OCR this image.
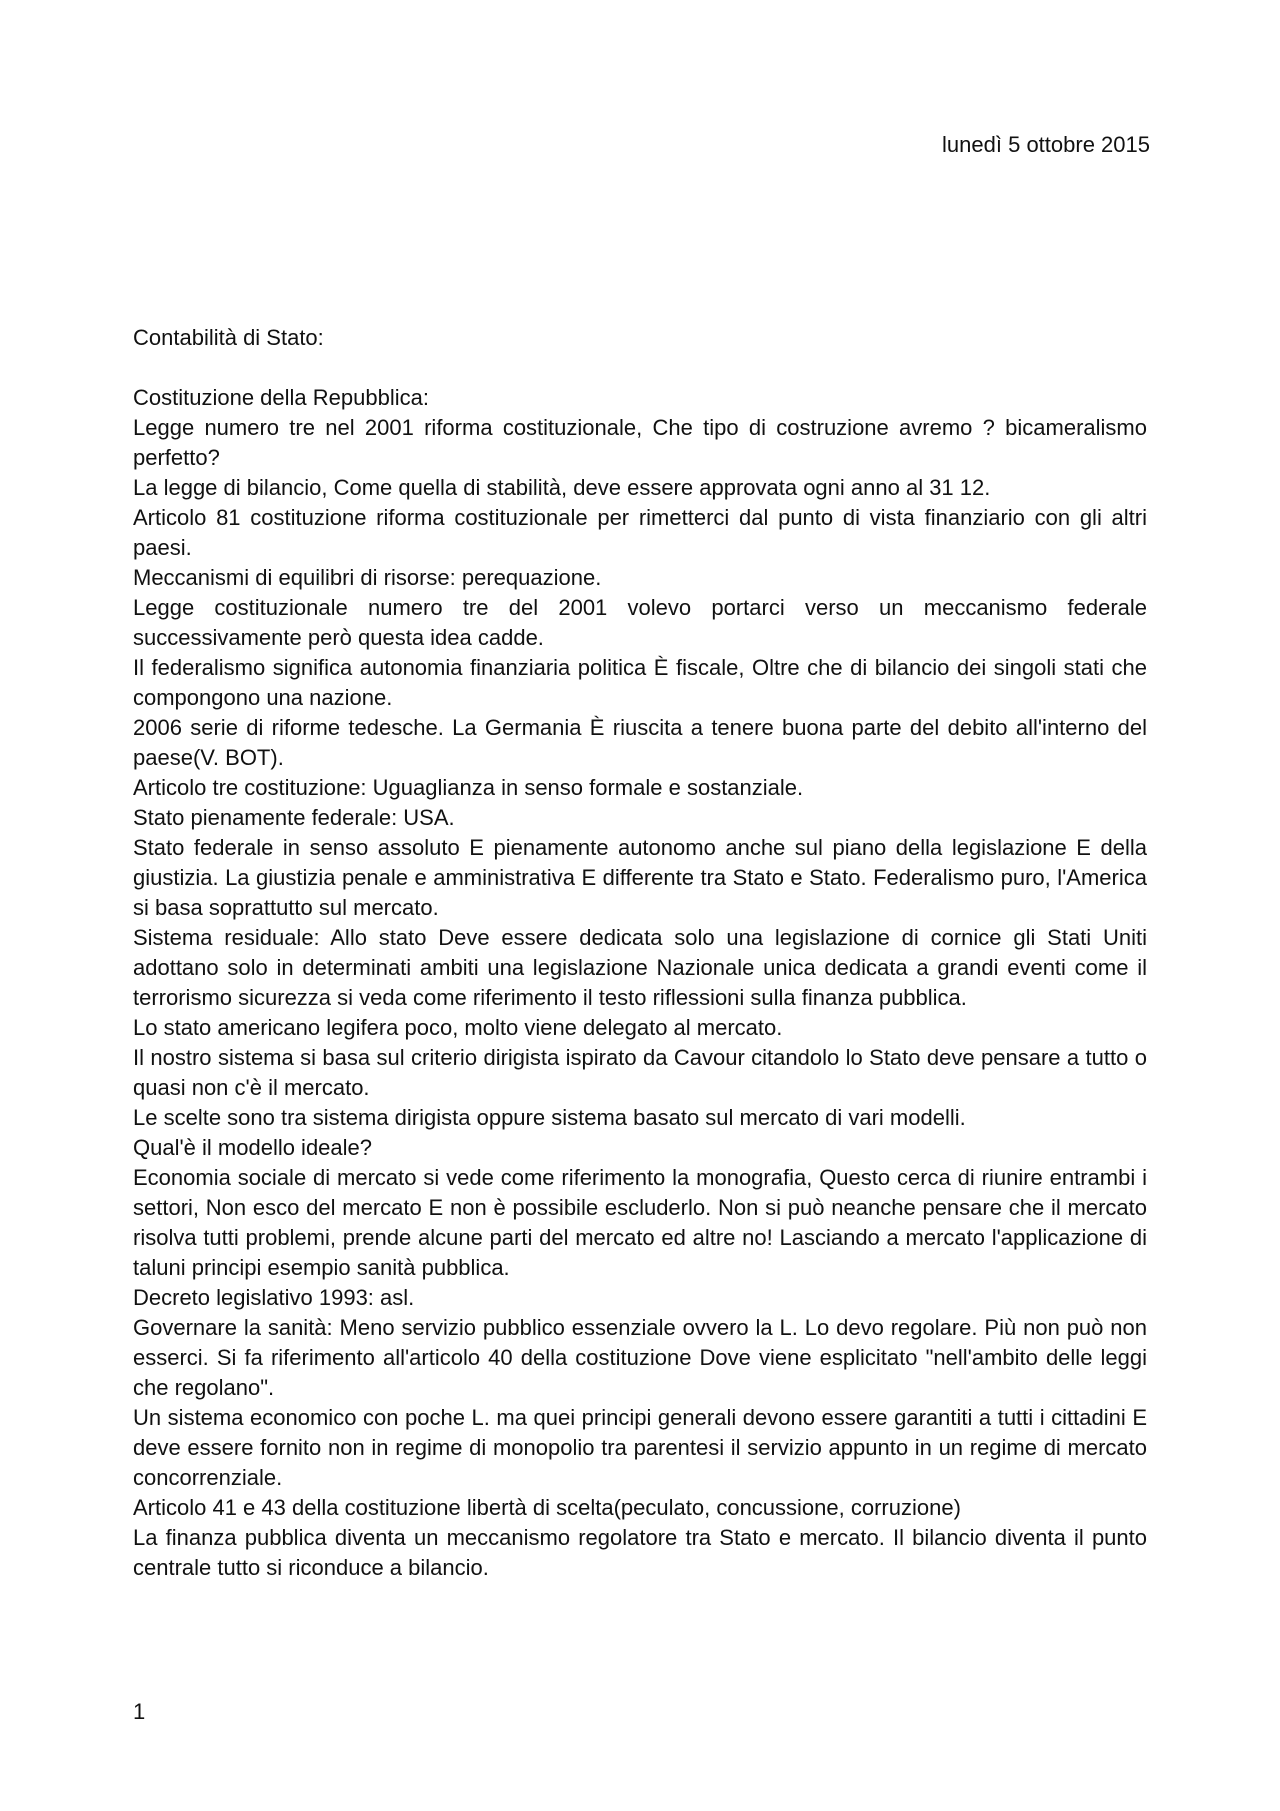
lunedì 5 ottobre 2015

Contabilità di Stato:

Costituzione della Repubblica:

Legge numero tre nel 2001 riforma costituzionale, Che tipo di costruzione avremo ? bicameralismo perfetto?

La legge di bilancio, Come quella di stabilità, deve essere approvata ogni anno al 31 12.

Articolo 81 costituzione riforma costituzionale per rimetterci dal punto di vista finanziario con gli altri paesi.

Meccanismi di equilibri di risorse: perequazione.

Legge costituzionale numero tre del 2001 volevo portarci verso un meccanismo federale successivamente però questa idea cadde.

Il federalismo significa autonomia finanziaria politica È fiscale, Oltre che di bilancio dei singoli stati che compongono una nazione.

2006 serie di riforme tedesche. La Germania È riuscita a tenere buona parte del debito all'interno del paese(V. BOT).

Articolo tre costituzione: Uguaglianza in senso formale e sostanziale.

Stato pienamente federale: USA.

Stato federale in senso assoluto E pienamente autonomo anche sul piano della legislazione E della giustizia. La giustizia penale e amministrativa E differente tra Stato e Stato. Federalismo puro, l'America si basa soprattutto sul mercato.

Sistema residuale: Allo stato Deve essere dedicata solo una legislazione di cornice gli Stati Uniti adottano solo in determinati ambiti una legislazione Nazionale unica dedicata a grandi eventi come il terrorismo sicurezza si veda come riferimento il testo riflessioni sulla finanza pubblica.

Lo stato americano legifera poco, molto viene delegato al mercato.

Il nostro sistema si basa sul criterio dirigista ispirato da Cavour citandolo lo Stato deve pensare a tutto o quasi non c'è il mercato.

Le scelte sono tra sistema dirigista oppure sistema basato sul mercato di vari modelli.

Qual'è il modello ideale?

Economia sociale di mercato si vede come riferimento la monografia, Questo cerca di riunire entrambi i settori, Non esco del mercato E non è possibile escluderlo. Non si può neanche pensare che il mercato risolva tutti problemi, prende alcune parti del mercato ed altre no! Lasciando a mercato l'applicazione di taluni principi esempio sanità pubblica.

Decreto legislativo 1993: asl.

Governare la sanità: Meno servizio pubblico essenziale ovvero la L. Lo devo regolare. Più non può non esserci. Si fa riferimento all'articolo 40 della costituzione Dove viene esplicitato "nell'ambito delle leggi che regolano".

Un sistema economico con poche L. ma quei principi generali devono essere garantiti a tutti i cittadini E deve essere fornito non in regime di monopolio tra parentesi il servizio appunto in un regime di mercato concorrenziale.

Articolo 41 e 43 della costituzione libertà di scelta(peculato, concussione, corruzione)

La finanza pubblica diventa un meccanismo regolatore tra Stato e mercato. Il bilancio diventa il punto centrale tutto si riconduce a bilancio.

1
